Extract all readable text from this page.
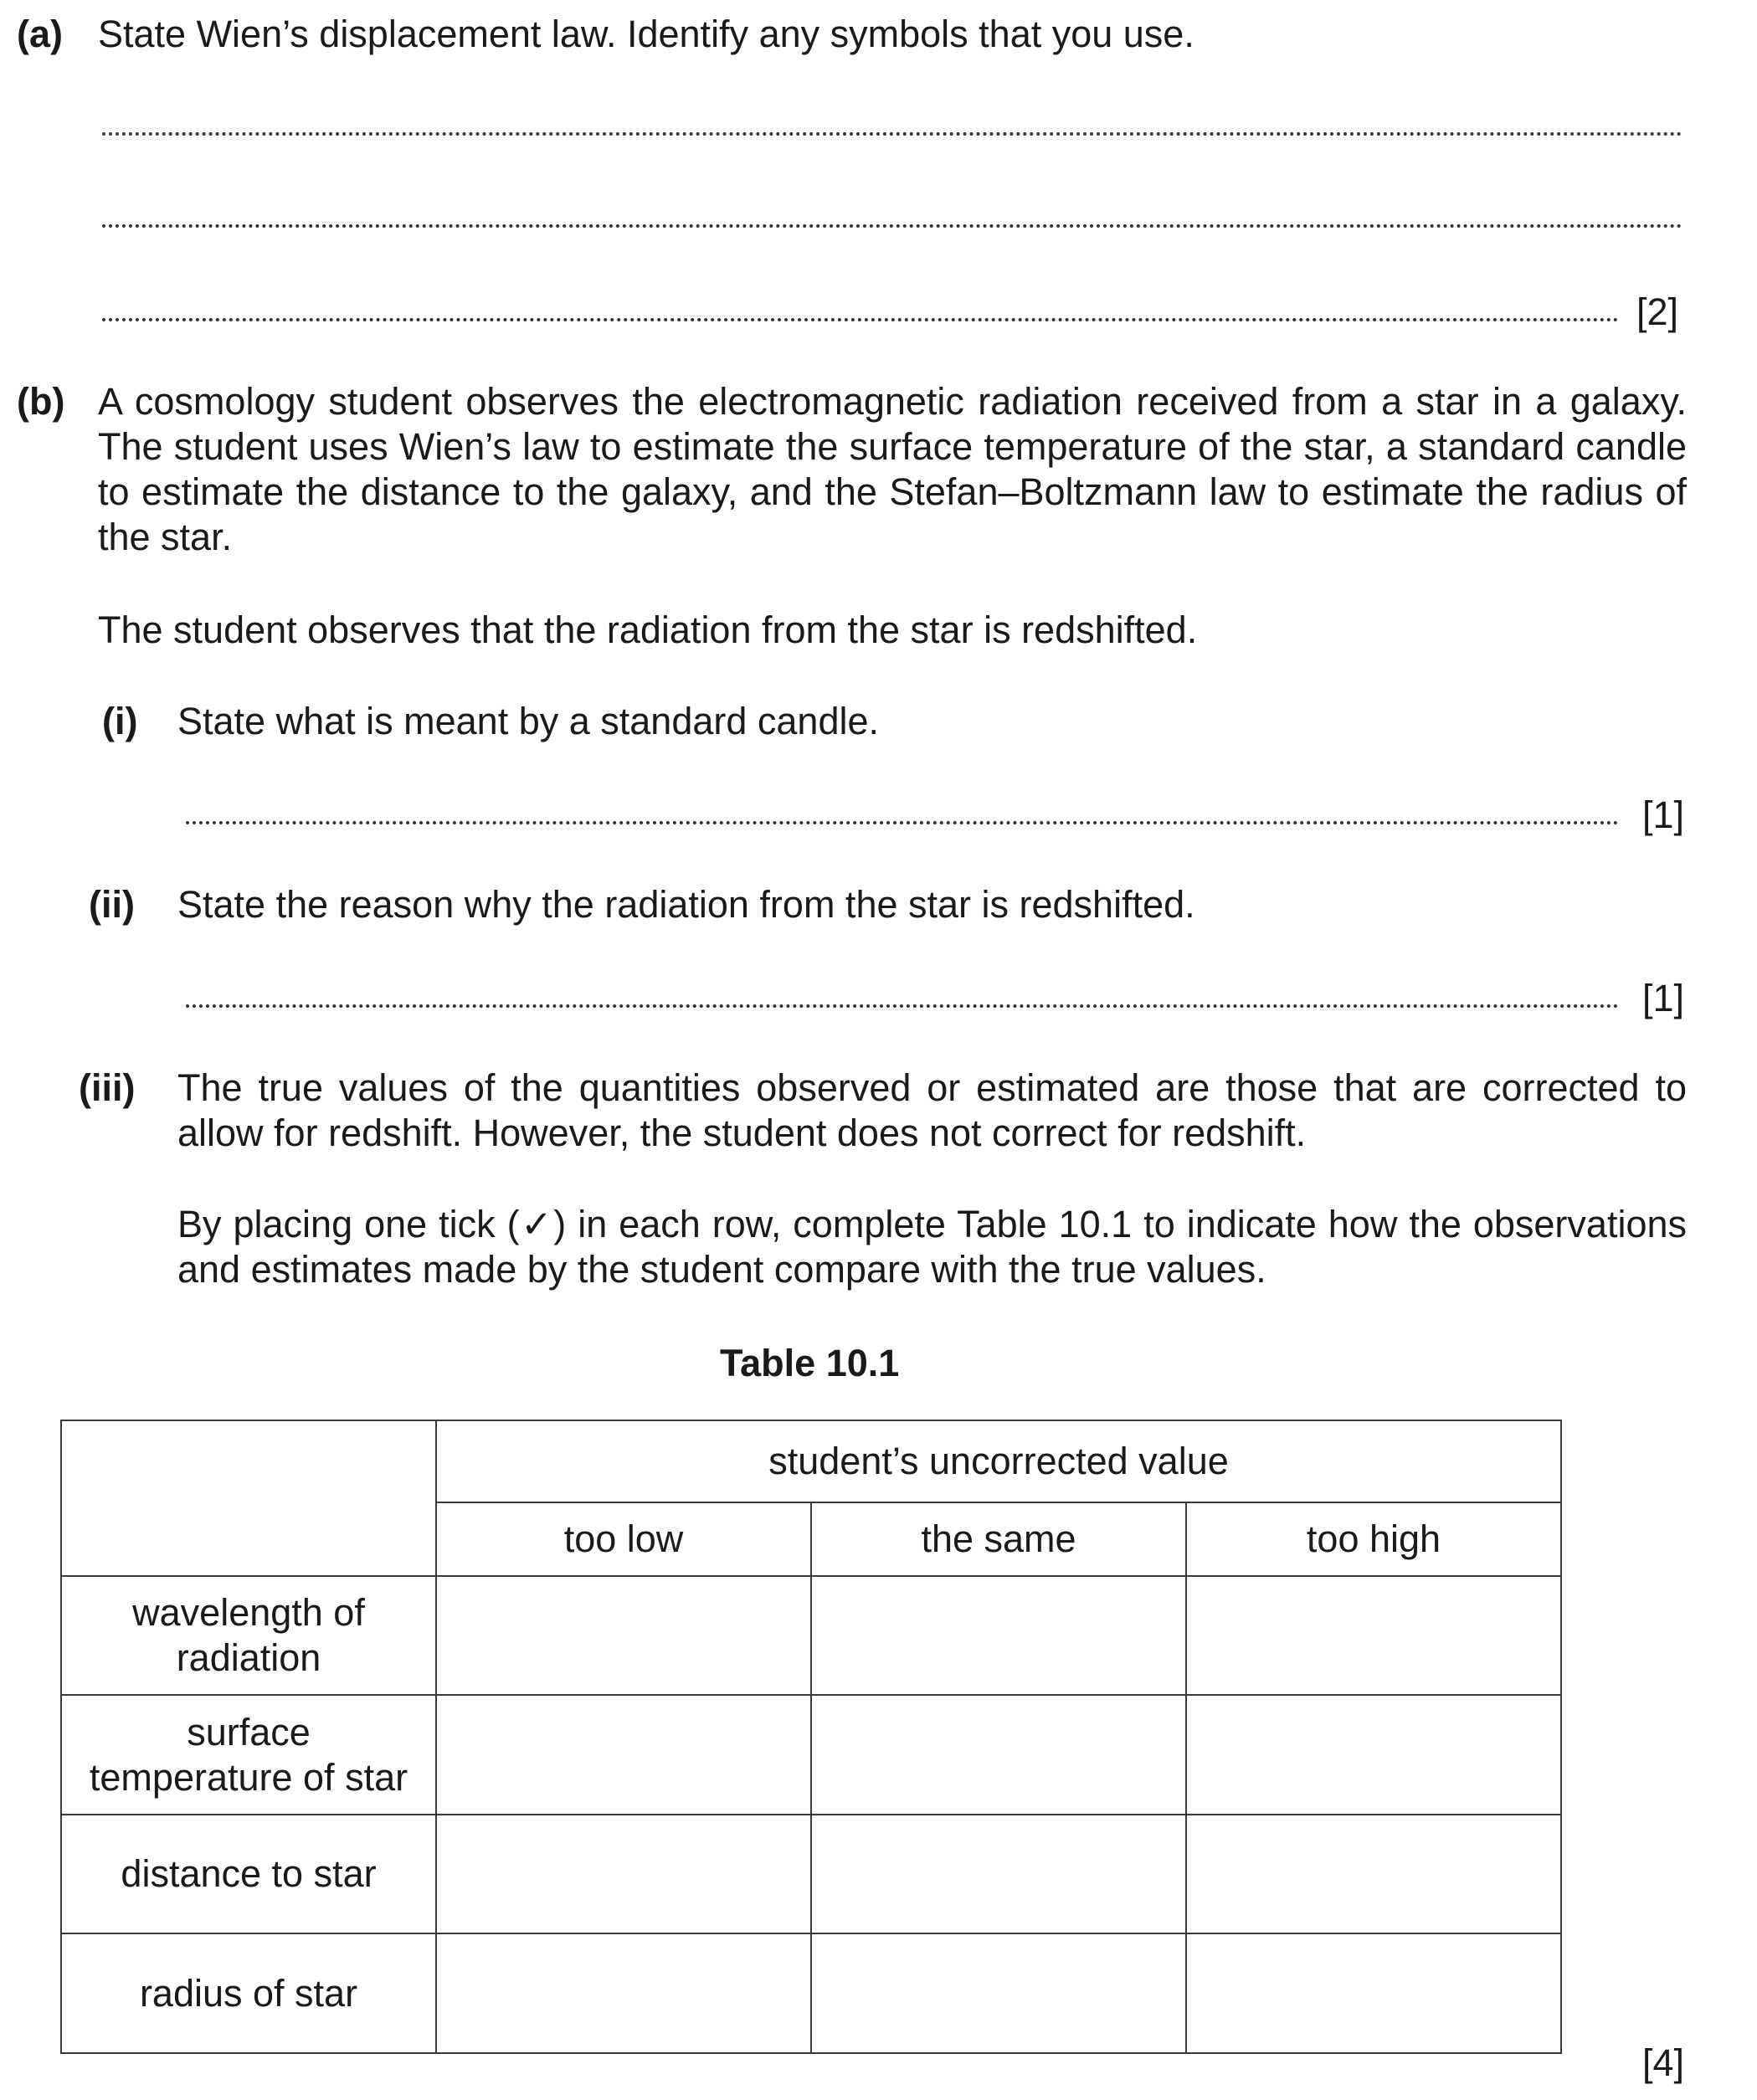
(a) State Wien’s displacement law. Identify any symbols that you use.
[2]
(b) A cosmology student observes the electromagnetic radiation received from a star in a galaxy. The student uses Wien’s law to estimate the surface temperature of the star, a standard candle to estimate the distance to the galaxy, and the Stefan–Boltzmann law to estimate the radius of the star.
The student observes that the radiation from the star is redshifted.
(i) State what is meant by a standard candle.
[1]
(ii) State the reason why the radiation from the star is redshifted.
[1]
(iii) The true values of the quantities observed or estimated are those that are corrected to allow for redshift. However, the student does not correct for redshift.
By placing one tick (✓) in each row, complete Table 10.1 to indicate how the observations and estimates made by the student compare with the true values.
Table 10.1
	student’s uncorrected value		
	too low	the same	too high

wavelength of radiation			

surface temperature of star			

distance to star			
radius of star			
[4]
